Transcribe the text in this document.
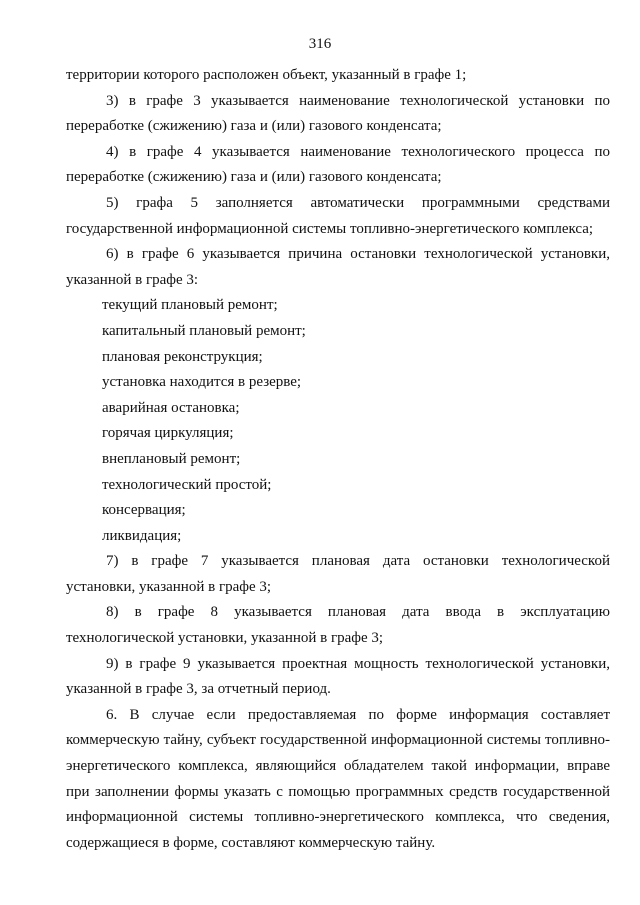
316

территории которого расположен объект, указанный в графе 1;

3) в графе 3 указывается наименование технологической установки по переработке (сжижению) газа и (или) газового конденсата;

4) в графе 4 указывается наименование технологического процесса по переработке (сжижению) газа и (или) газового конденсата;

5) графа 5 заполняется автоматически программными средствами государственной информационной системы топливно-энергетического комплекса;

6) в графе 6 указывается причина остановки технологической установки, указанной в графе 3:

текущий плановый ремонт;

капитальный плановый ремонт;

плановая реконструкция;

установка находится в резерве;

аварийная остановка;

горячая циркуляция;

внеплановый ремонт;

технологический простой;

консервация;

ликвидация;

7) в графе 7 указывается плановая дата остановки технологической установки, указанной в графе 3;

8) в графе 8 указывается плановая дата ввода в эксплуатацию технологической установки, указанной в графе 3;

9) в графе 9 указывается проектная мощность технологической установки, указанной в графе 3, за отчетный период.

6. В случае если предоставляемая по форме информация составляет коммерческую тайну, субъект государственной информационной системы топливно-энергетического комплекса, являющийся обладателем такой информации, вправе при заполнении формы указать с помощью программных средств государственной информационной системы топливно-энергетического комплекса, что сведения, содержащиеся в форме, составляют коммерческую тайну.
